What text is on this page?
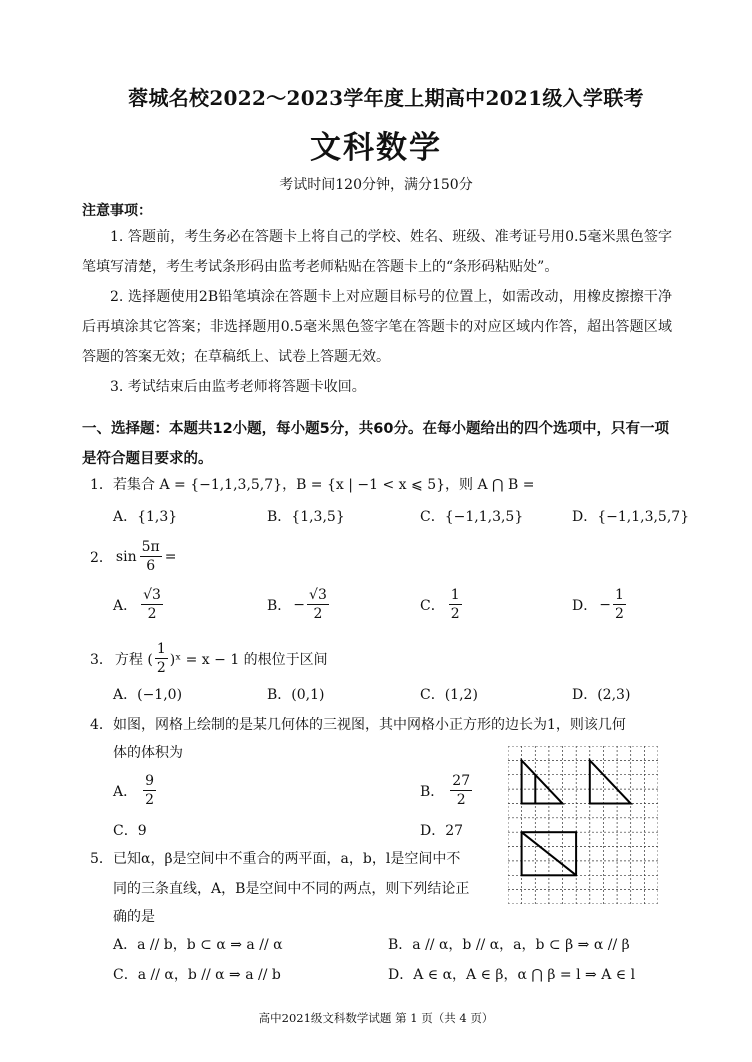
蓉城名校2022～2023学年度上期高中2021级入学联考
文科数学
考试时间120分钟，满分150分
注意事项：
1. 答题前，考生务必在答题卡上将自己的学校、姓名、班级、准考证号用0.5毫米黑色签字笔填写清楚，考生考试条形码由监考老师粘贴在答题卡上的“条形码粘贴处”。
2. 选择题使用2B铅笔填涂在答题卡上对应题目标号的位置上，如需改动，用橡皮擦擦干净后再填涂其它答案；非选择题用0.5毫米黑色签字笔在答题卡的对应区域内作答，超出答题区域答题的答案无效；在草稿纸上、试卷上答题无效。
3. 考试结束后由监考老师将答题卡收回。
一、选择题：本题共12小题，每小题5分，共60分。在每小题给出的四个选项中，只有一项是符合题目要求的。
1． 若集合 A = {−1,1,3,5,7}，B = {x | −1 < x ⩽ 5}，则 A ⋂ B =
A．{1,3}	B．{1,3,5}	C．{−1,1,3,5}	D．{−1,1,3,5,7}
2． $\sin \frac{5\pi}{6}$ =
A． $\frac{√3}{2}$	B． − $\frac{√3}{2}$	C． $\frac{1}{2}$	D． − $\frac{1}{2}$
3． 方程 ( $\frac{1}{2}$ )ˣ = x − 1 的根位于区间
A．(−1,0)	B．(0,1)	C．(1,2)	D．(2,3)
4． 如图，网格上绘制的是某几何体的三视图，其中网格小正方形的边长为1，则该几何
体的体积为
A． $\frac{9}{2}$	B． $\frac{27}{2}$
C．9	D．27
5． 已知α，β是空间中不重合的两平面，a，b，l是空间中不
同的三条直线，A，B是空间中不同的两点，则下列结论正
确的是
A．a // b，b ⊂ α ⇒ a // α	B．a // α，b // α，a，b ⊂ β ⇒ α // β
C．a // α，b // α ⇒ a // b	D．A ∈ α，A ∈ β，α ⋂ β = l ⇒ A ∈ l
高中2021级文科数学试题 第 1 页（共 4 页）
